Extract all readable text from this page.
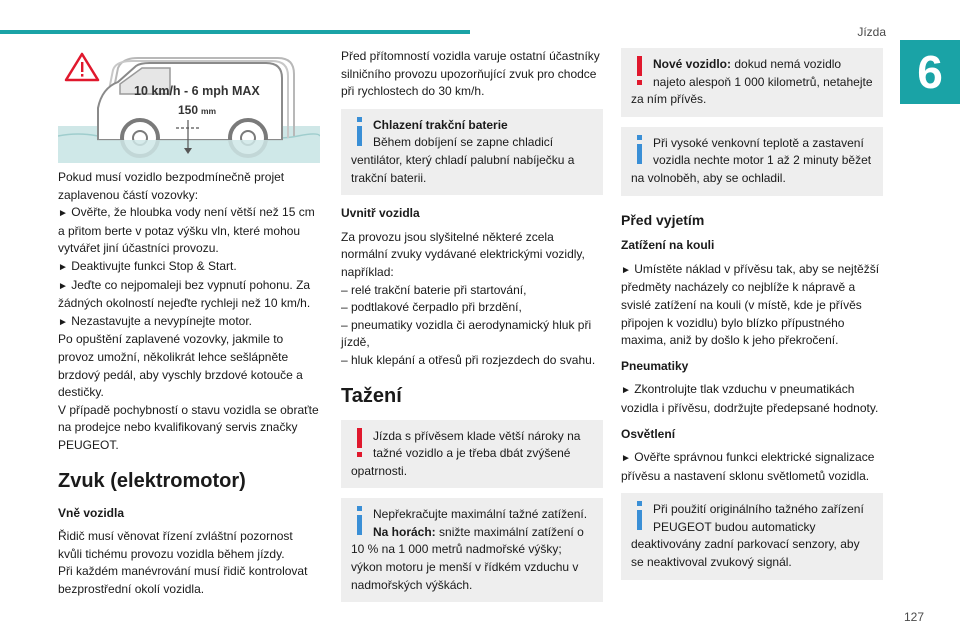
Jízda
6
127
10 km/h - 6 mph MAX
150 mm

Pokud musí vozidlo bezpodmínečně projet zaplavenou částí vozovky:

► Ověřte, že hloubka vody není větší než 15 cm a přitom berte v potaz výšku vln, které mohou vytvářet jiní účastníci provozu.

► Deaktivujte funkci Stop & Start.

► Jeďte co nejpomaleji bez vypnutí pohonu. Za žádných okolností nejeďte rychleji než 10 km/h.

► Nezastavujte a nevypínejte motor.

Po opuštění zaplavené vozovky, jakmile to provoz umožní, několikrát lehce sešlápněte brzdový pedál, aby vyschly brzdové kotouče a destičky.

V případě pochybností o stavu vozidla se obraťte na prodejce nebo kvalifikovaný servis značky PEUGEOT.

Zvuk (elektromotor)
Vně vozidla

Řidič musí věnovat řízení zvláštní pozornost kvůli tichému provozu vozidla během jízdy.

Při každém manévrování musí řidič kontrolovat bezprostřední okolí vozidla.

Před přítomností vozidla varuje ostatní účastníky silničního provozu upozorňující zvuk pro chodce při rychlostech do 30 km/h.

Chlazení trakční baterie
Během dobíjení se zapne chladicí ventilátor, který chladí palubní nabíječku a trakční baterii.
Uvnitř vozidla

Za provozu jsou slyšitelné některé zcela normální zvuky vydávané elektrickými vozidly, například:

– relé trakční baterie při startování,

– podtlakové čerpadlo při brzdění,

– pneumatiky vozidla či aerodynamický hluk při jízdě,

– hluk klepání a otřesů při rozjezdech do svahu.

Tažení
Jízda s přívěsem klade větší nároky na
tažné vozidlo a je třeba dbát zvýšené opatrnosti.
Nepřekračujte maximální tažné zatížení.
Na horách: snižte maximální zatížení o 10 % na 1 000 metrů nadmořské výšky; výkon motoru je menší v řídkém vzduchu v nadmořských výškách.
Nové vozidlo: dokud nemá vozidlo
najeto alespoň 1 000 kilometrů, netahejte za ním přívěs.
Při vysoké venkovní teplotě a zastavení
vozidla nechte motor 1 až 2 minuty běžet na volnoběh, aby se ochladil.
Před vyjetím
Zatížení na kouli

► Umístěte náklad v přívěsu tak, aby se nejtěžší předměty nacházely co nejblíže k nápravě a svislé zatížení na kouli (v místě, kde je přívěs připojen k vozidlu) bylo blízko přípustného maxima, aniž by došlo k jeho překročení.

Pneumatiky

► Zkontrolujte tlak vzduchu v pneumatikách vozidla i přívěsu, dodržujte předepsané hodnoty.

Osvětlení

► Ověřte správnou funkci elektrické signalizace přívěsu a nastavení sklonu světlometů vozidla.

Při použití originálního tažného zařízení
PEUGEOT budou automaticky deaktivovány zadní parkovací senzory, aby se neaktivoval zvukový signál.
